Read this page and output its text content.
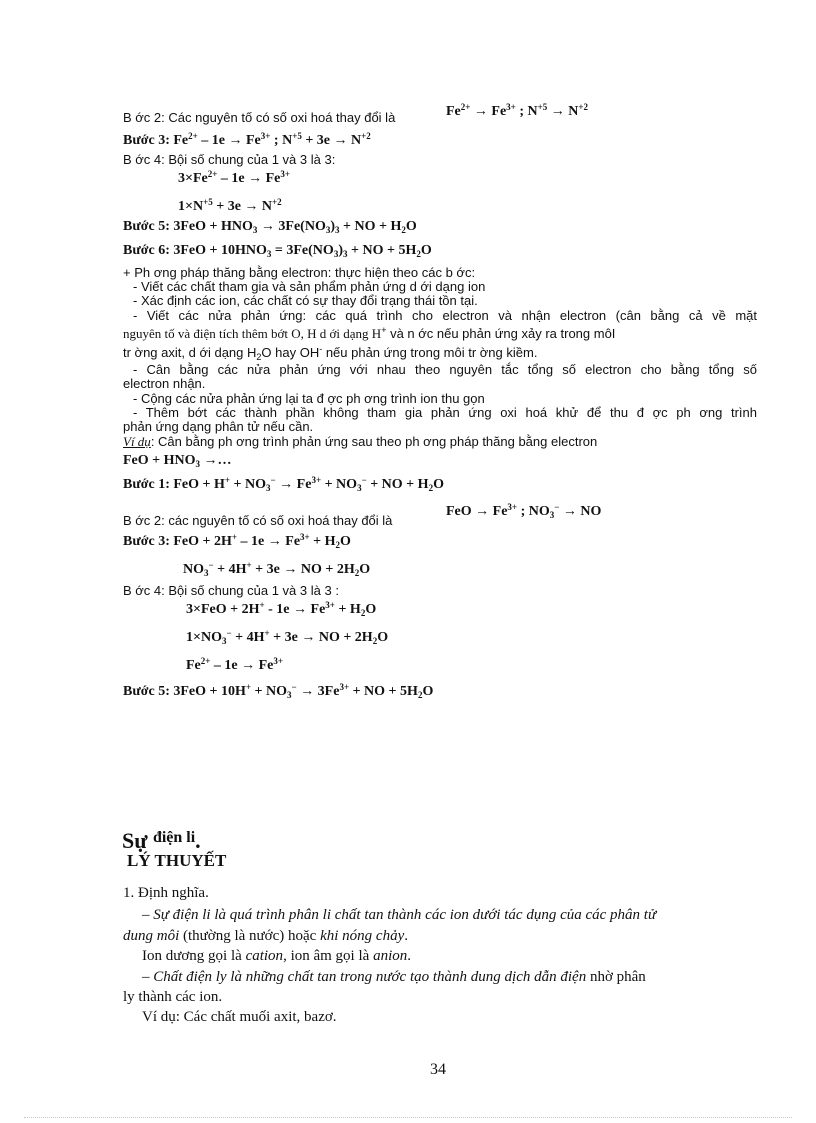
B ớc 2: Các nguyên tố có số oxi hoá thay đổi là	$Fe^{2+} \to Fe^{3+}$ ; $N^{+5} \to N^{+2}$
Bước 3: $Fe^{2+} - 1e \to Fe^{3+}$ ; $N^{+5} + 3e \to N^{+2}$
B ớc 4: Bội số chung của 1 và 3 là 3:
$3\times Fe^{2+} - 1e \to Fe^{3+}$
$1\times N^{+5} + 3e \to N^{+2}$
Bước 5: $3FeO + HNO_3 \to 3Fe(NO_3)_3$ + NO + $H_2O$
Bước 6: $3FeO + 10HNO_3 = 3Fe(NO_3)_3$ + NO + $5H_2O$
+ Ph ơng pháp thăng bằng electron: thực hiện theo các b ớc:
- Viết các chất tham gia và sản phẩm phản ứng d ới dạng ion
- Xác định các ion, các chất có sự thay đổi trạng thái tồn tại.
- Viết các nửa phản ứng: các quá trình cho electron và nhận electron (cân bằng cả về mặt
nguyên tố và điện tích thêm bớt O, H d ới dạng H+ và n ớc nếu phản ứng xảy ra trong môI
tr ờng axit, d ới dạng $H_2O$ hay OH- nếu phản ứng trong môi tr ờng kiềm.
- Cân bằng các nửa phản ứng với nhau theo nguyên tắc tổng số electron cho bằng tổng số
electron nhận.
- Cộng các nửa phản ứng lại ta đ ợc ph ơng trình ion thu gọn
- Thêm bớt các thành phần không tham gia phản ứng oxi hoá khử để thu đ ợc ph ơng trình
phản ứng dạng phân tử nếu cần.
Ví dụ: Cân bằng ph ơng trình phản ứng sau theo ph ơng pháp thăng bằng electron
FeO + $HNO_3$ →…
Bước 1: FeO + $H^+ + NO_3^- \to Fe^{3+} + NO_3^-$ + NO + $H_2O$
B ớc 2: các nguyên tố có số oxi hoá thay đổi là
FeO → $Fe^{3+}$ ; $NO_3^-$ → NO
Bước 3: FeO + $2H^+ - 1e \to Fe^{3+} + H_2O$
$NO_3^- + 4H^+ + 3e$ → NO + $2H_2O$
B ớc 4: Bội số chung của 1 và 3 là 3 :
$3\times FeO + 2H^+ - 1e \to Fe^{3+} + H_2O$
$1\times NO_3^- + 4H^+ + 3e$ → NO + $2H_2O$
$Fe^{2+} - 1e \to Fe^{3+}$
Bước 5: $3FeO + 10H^+ + NO_3^- \to 3Fe^{3+}$ + NO + $5H_2O$
Sự $^{điện li}$.
LÝ THUYẾT
1. Định nghĩa.
– Sự điện li là quá trình phân li chất tan thành các ion dưới tác dụng của các phân tử
dung môi (thường là nước) hoặc khi nóng chảy.
Ion dương gọi là cation, ion âm gọi là anion.
– Chất điện ly là những chất tan trong nước tạo thành dung dịch dẫn điện nhờ phân
ly thành các ion.
Ví dụ: Các chất muối axit, bazơ.
34
